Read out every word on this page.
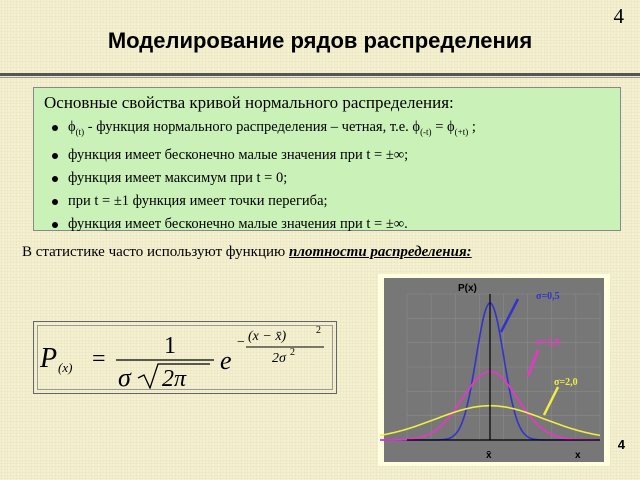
4
Моделирование рядов распределения
Основные свойства кривой нормального распределения:
$\phi_{(t)}$ - функция нормального распределения – четная, т.е. $\phi_{(-t)} = \phi_{(+t)}$ ;
функция имеет бесконечно малые значения при t = ±∞;
функция имеет максимум при t = 0;
при t = ±1 функция имеет точки перегиба;
функция имеет бесконечно малые значения при t = ±∞.
В статистике часто используют функцию плотности распределения:
P (x) = 1
σ 2π
e
− (x − x̄)	2
2σ 2
P(x)
x
x̄
σ=0,5
σ=1,0
σ=2,0
4
